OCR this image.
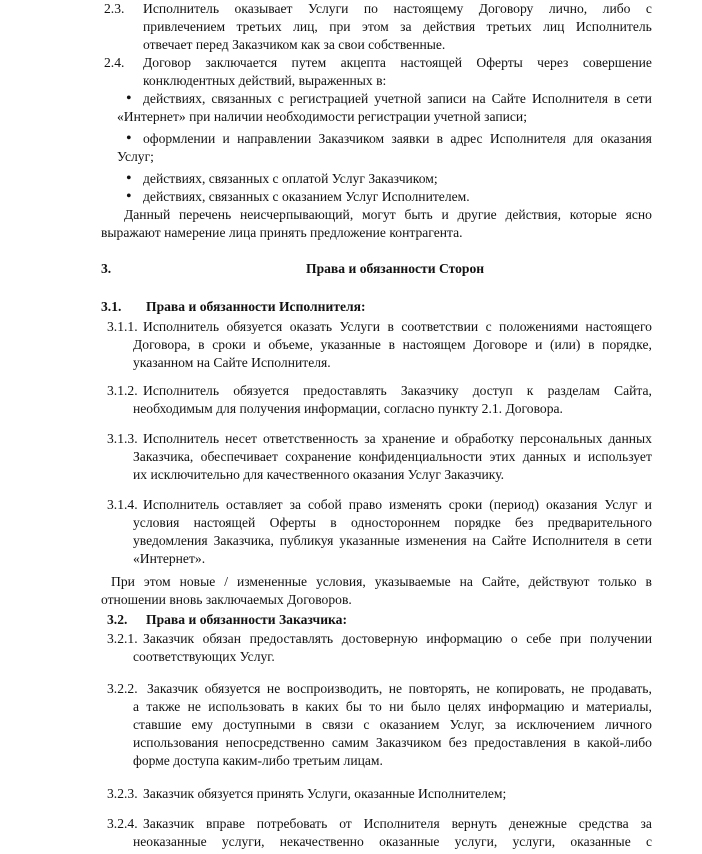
2.3. Исполнитель оказывает Услуги по настоящему Договору лично, либо с
привлечением третьих лиц, при этом за действия третьих лиц Исполнитель
отвечает перед Заказчиком как за свои собственные.
2.4. Договор заключается путем акцепта настоящей Оферты через совершение
конклюдентных действий, выраженных в:
• действиях, связанных с регистрацией учетной записи на Сайте Исполнителя в сети
«Интернет» при наличии необходимости регистрации учетной записи;
• оформлении и направлении Заказчиком заявки в адрес Исполнителя для оказания
Услуг;
• действиях, связанных с оплатой Услуг Заказчиком;
• действиях, связанных с оказанием Услуг Исполнителем.
Данный перечень неисчерпывающий, могут быть и другие действия, которые ясно
выражают намерение лица принять предложение контрагента.
3.	Права и обязанности Сторон
3.1. Права и обязанности Исполнителя:
3.1.1. Исполнитель обязуется оказать Услуги в соответствии с положениями настоящего
Договора, в сроки и объеме, указанные в настоящем Договоре и (или) в порядке,
указанном на Сайте Исполнителя.
3.1.2. Исполнитель обязуется предоставлять Заказчику доступ к разделам Сайта,
необходимым для получения информации, согласно пункту 2.1. Договора.
3.1.3. Исполнитель несет ответственность за хранение и обработку персональных данных
Заказчика, обеспечивает сохранение конфиденциальности этих данных и использует
их исключительно для качественного оказания Услуг Заказчику.
3.1.4. Исполнитель оставляет за собой право изменять сроки (период) оказания Услуг и
условия настоящей Оферты в одностороннем порядке без предварительного
уведомления Заказчика, публикуя указанные изменения на Сайте Исполнителя в сети
«Интернет».
При этом новые / измененные условия, указываемые на Сайте, действуют только в
отношении вновь заключаемых Договоров.
3.2. Права и обязанности Заказчика:
3.2.1. Заказчик обязан предоставлять достоверную информацию о себе при получении
соответствующих Услуг.
3.2.2. Заказчик обязуется не воспроизводить, не повторять, не копировать, не продавать,
а также не использовать в каких бы то ни было целях информацию и материалы,
ставшие ему доступными в связи с оказанием Услуг, за исключением личного
использования непосредственно самим Заказчиком без предоставления в какой-либо
форме доступа каким-либо третьим лицам.
3.2.3. Заказчик обязуется принять Услуги, оказанные Исполнителем;
3.2.4. Заказчик вправе потребовать от Исполнителя вернуть денежные средства за
неоказанные услуги, некачественно оказанные услуги, услуги, оказанные с
